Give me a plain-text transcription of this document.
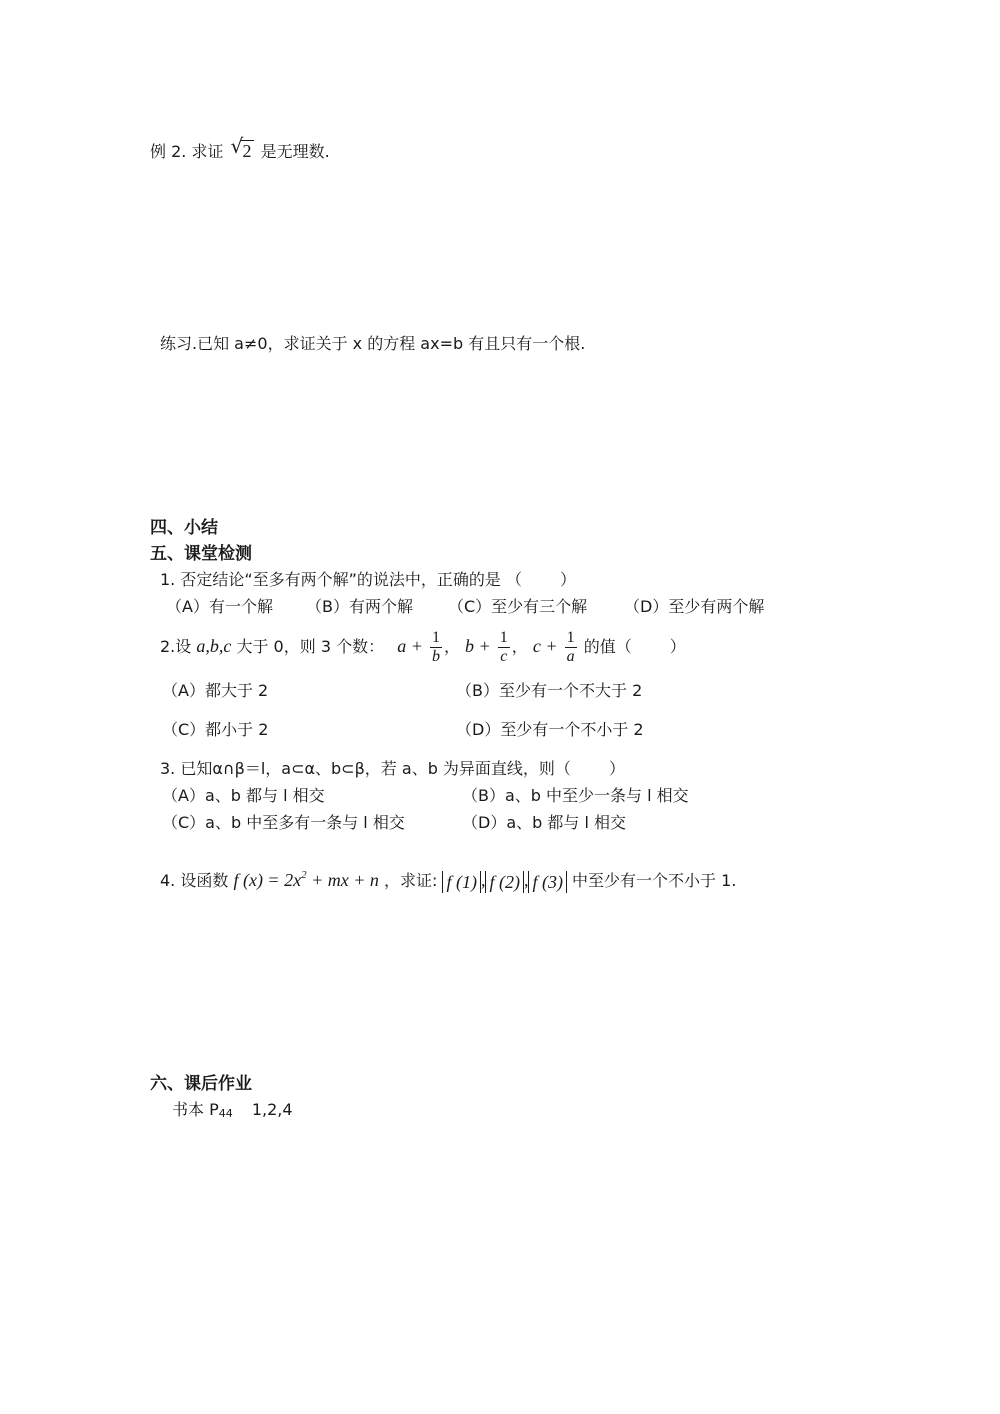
例 2. 求证 √ 2 是无理数.
练习.已知 a≠0，求证关于 x 的方程 ax=b 有且只有一个根.
四、小结
五、课堂检测
1. 否定结论“至多有两个解”的说法中，正确的是 （ ）
（A）有一个解 （B）有两个解 （C）至少有三个解 （D）至少有两个解
2.设 a,b,c 大于 0，则 3 个数： $a + \frac{1}{b}$ ， $b + \frac{1}{c}$ ， $c + \frac{1}{a}$ 的值（ ）
（A）都大于 2	（B）至少有一个不大于 2
（C）都小于 2	（D）至少有一个不小于 2
3. 已知α∩β＝l，a⊂α、b⊂β，若 a、b 为异面直线，则（ ）
（A）a、b 都与 l 相交	（B）a、b 中至少一条与 l 相交
（C）a、b 中至多有一条与 l 相交	（D）a、b 都与 l 相交
4. 设函数 f $(x) = 2x^2$ + mx + n ，求证: f (1) , f (2) , f (3) 中至少有一个不小于 1.
六、课后作业
书本 P44 1,2,4
